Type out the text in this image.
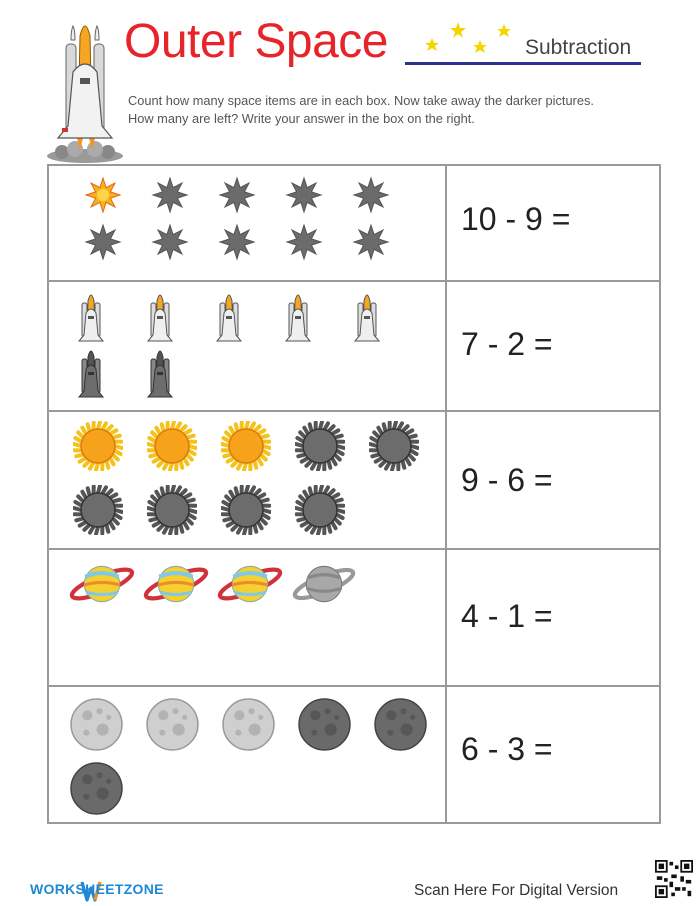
Outer Space	Subtraction
Count how many space items are in each box. Now take away the darker pictures.
How many are left? Write your answer in the box on the right.
10 - 9 =
7 - 2 =
9 - 6 =
4 - 1 =
6 - 3 =
WORKSHEETZONE	Scan Here For Digital Version
